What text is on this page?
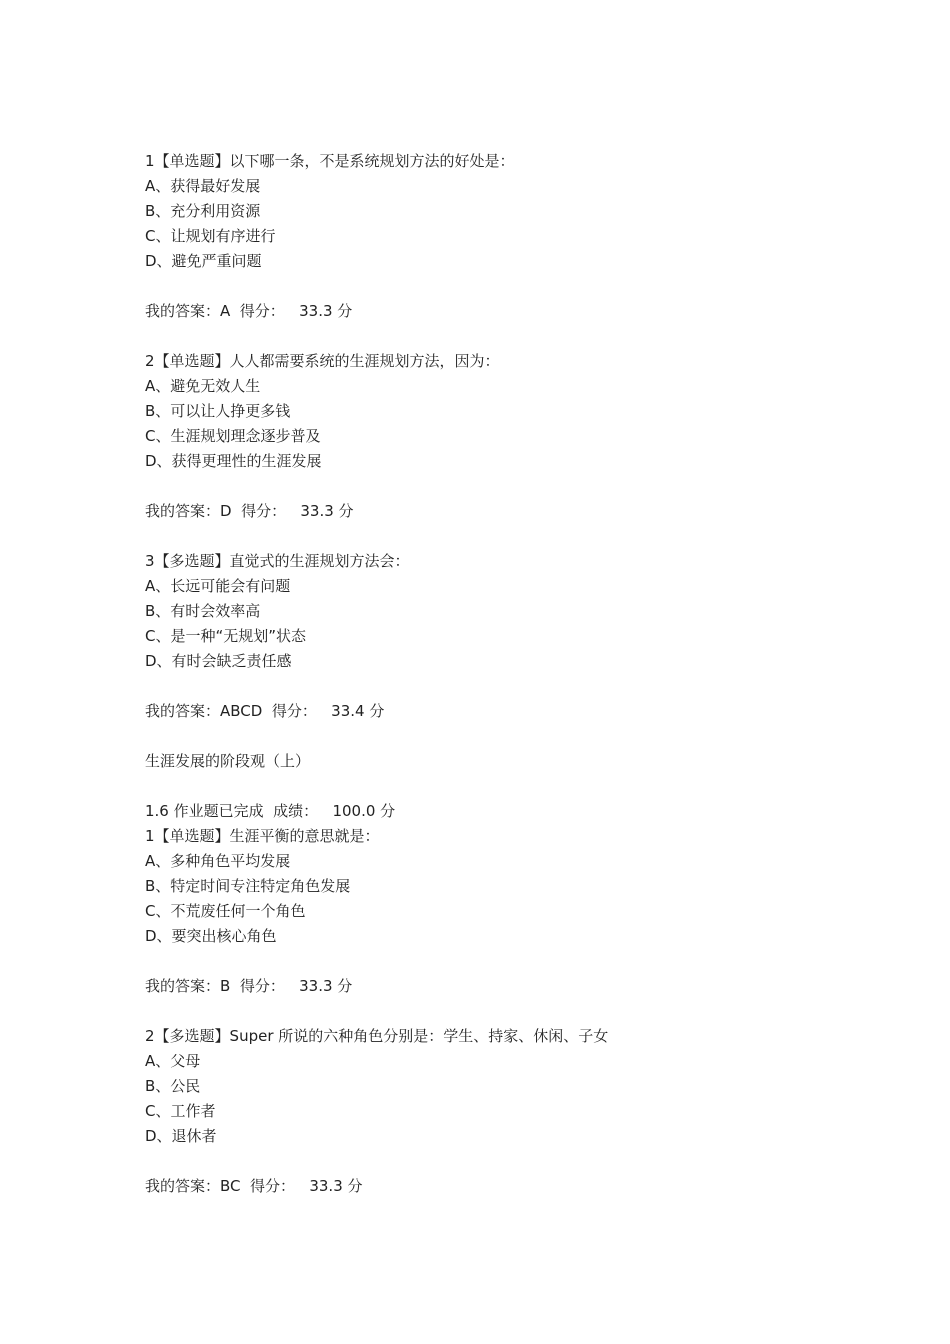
1【单选题】以下哪一条，不是系统规划方法的好处是：

A、获得最好发展

B、充分利用资源

C、让规划有序进行

D、避免严重问题

我的答案：A  得分：   33.3 分

2【单选题】人人都需要系统的生涯规划方法，因为：

A、避免无效人生

B、可以让人挣更多钱

C、生涯规划理念逐步普及

D、获得更理性的生涯发展

我的答案：D  得分：   33.3 分

3【多选题】直觉式的生涯规划方法会：

A、长远可能会有问题

B、有时会效率高

C、是一种“无规划”状态

D、有时会缺乏责任感

我的答案：ABCD  得分：   33.4 分

生涯发展的阶段观（上）

1.6 作业题已完成  成绩：   100.0 分

1【单选题】生涯平衡的意思就是：

A、多种角色平均发展

B、特定时间专注特定角色发展

C、不荒废任何一个角色

D、要突出核心角色

我的答案：B  得分：   33.3 分

2【多选题】Super 所说的六种角色分别是：学生、持家、休闲、子女

A、父母

B、公民

C、工作者

D、退休者

我的答案：BC  得分：   33.3 分
